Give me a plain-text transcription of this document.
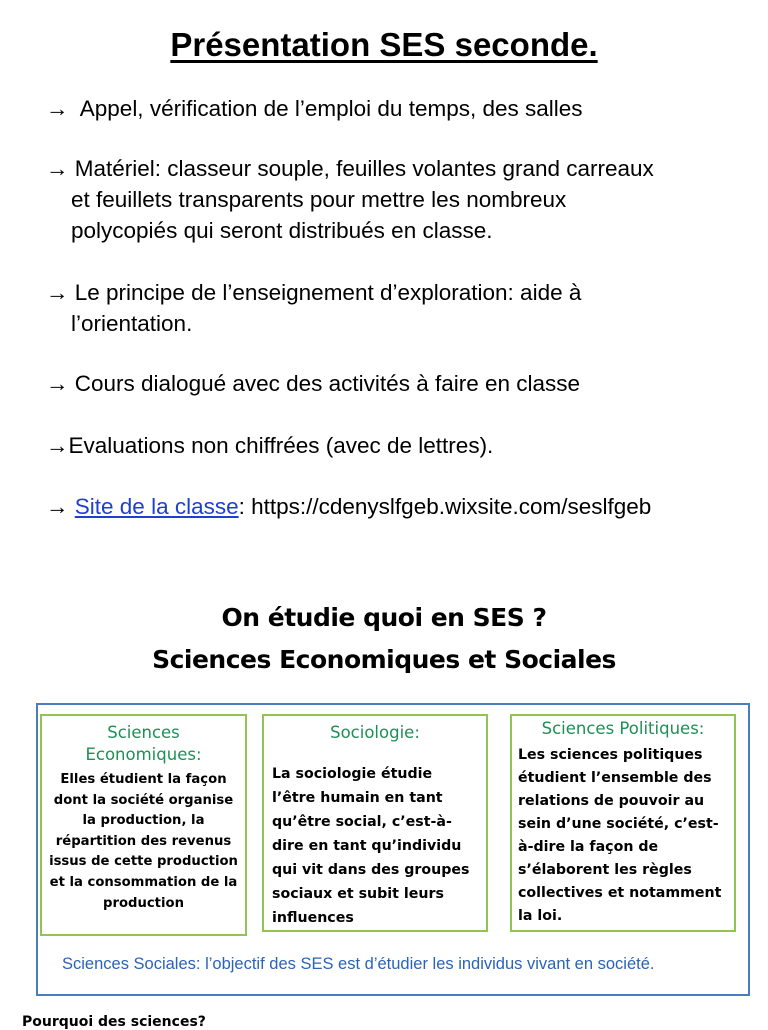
Présentation SES seconde.
→ Appel, vérification de l’emploi du temps, des salles
→ Matériel: classeur souple, feuilles volantes grand carreaux
et feuillets transparents pour mettre les nombreux
polycopiés qui seront distribués en classe.
→ Le principe de l’enseignement d’exploration: aide à
l’orientation.
→ Cours dialogué avec des activités à faire en classe
→Evaluations non chiffrées (avec de lettres).
→ Site de la classe: https://cdenyslfgeb.wixsite.com/seslfgeb
On étudie quoi en SES ?
Sciences Economiques et Sociales
Sciences Economiques:
Elles étudient la façon dont la société organise la production, la répartition des revenus issus de cette production et la consommation de la production
Sociologie:
La sociologie étudie l’être humain en tant qu’être social, c’est-à-dire en tant qu’individu qui vit dans des groupes sociaux et subit leurs influences
Sciences Politiques:
Les sciences politiques étudient l’ensemble des relations de pouvoir au sein d’une société, c’est-à-dire la façon de s’élaborent les règles collectives et notamment la loi.
Sciences Sociales: l’objectif des SES est d’étudier les individus vivant en société.
Pourquoi des sciences?
